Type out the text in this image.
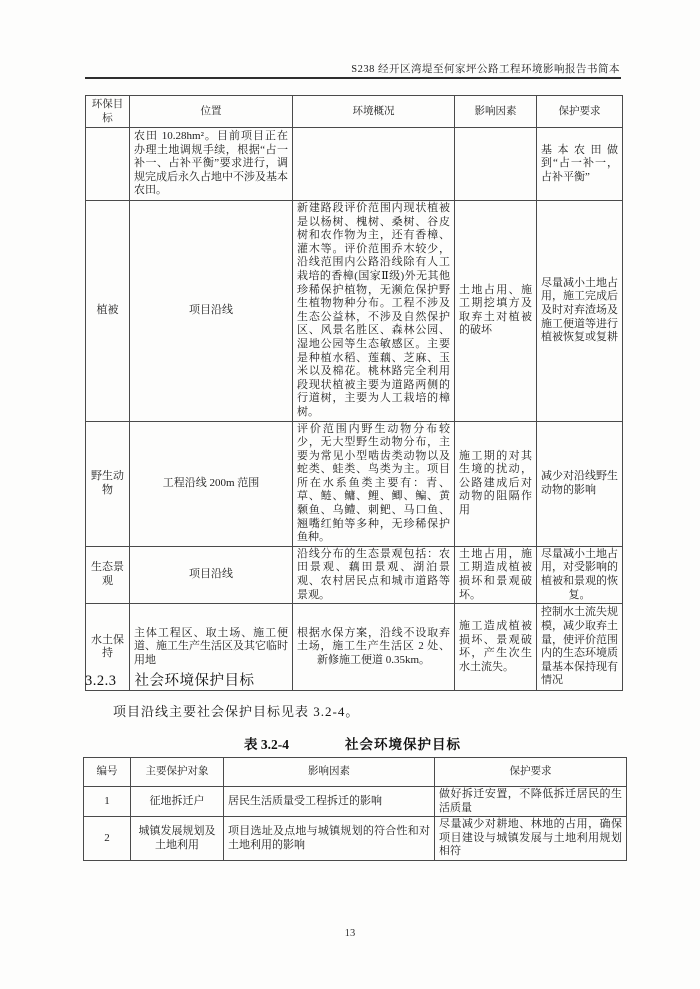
S238 经开区湾堤至何家坪公路工程环境影响报告书简本
环保目标	位置	环境概况	影响因素	保护要求
	农田 10.28hm²。目前项目正在办理土地调规手续，根据“占一补一、占补平衡”要求进行，调规完成后永久占地中不涉及基本农田。			基本农田做到“占一补一，占补平衡”
植被	项目沿线	新建路段评价范围内现状植被是以杨树、槐树、桑树、谷皮树和农作物为主，还有香樟、灌木等。评价范围乔木较少，沿线范围内公路沿线除有人工栽培的香樟(国家Ⅱ级)外无其他珍稀保护植物，无濒危保护野生植物物种分布。工程不涉及生态公益林，不涉及自然保护区、风景名胜区、森林公园、湿地公园等生态敏感区。主要是种植水稻、莲藕、芝麻、玉米以及棉花。桃林路完全利用段现状植被主要为道路两侧的行道树，主要为人工栽培的樟树。	土地占用、施工期挖填方及取弃土对植被的破坏	尽量减小土地占用，施工完成后及时对弃渣场及施工便道等进行植被恢复或复耕
野生动物	工程沿线 200m 范围	评价范围内野生动物分布较少，无大型野生动物分布，主要为常见小型啮齿类动物以及蛇类、蛙类、鸟类为主。项目所在水系鱼类主要有：青、草、鲢、鳙、鲤、鲫、鳊、黄颡鱼、乌鳢、刺鲃、马口鱼、翘嘴红鲌等多种，无珍稀保护鱼种。	施工期的对其生境的扰动，公路建成后对动物的阻隔作用	减少对沿线野生动物的影响
生态景观	项目沿线	沿线分布的生态景观包括：农田景观、藕田景观、湖泊景观、农村居民点和城市道路等景观。	土地占用，施工期造成植被损坏和景观破坏。	尽量减小土地占用，对受影响的植被和景观的恢复。
水土保持	主体工程区、取土场、施工便道、施工生产生活区及其它临时用地	根据水保方案，沿线不设取弃土场，施工生产生活区 2 处、新修施工便道 0.35km。	施工造成植被损坏、景观破坏，产生次生水土流失。	控制水土流失规模，减少取弃土量，使评价范围内的生态环境质量基本保持现有情况
3.2.3 社会环境保护目标
项目沿线主要社会保护目标见表 3.2-4。
表 3.2-4	社会环境保护目标
编号	主要保护对象	影响因素	保护要求
1	征地拆迁户	居民生活质量受工程拆迁的影响	做好拆迁安置，不降低拆迁居民的生活质量
2	城镇发展规划及土地利用	项目选址及点地与城镇规划的符合性和对土地利用的影响	尽量减少对耕地、林地的占用，确保项目建设与城镇发展与土地利用规划相符
13
